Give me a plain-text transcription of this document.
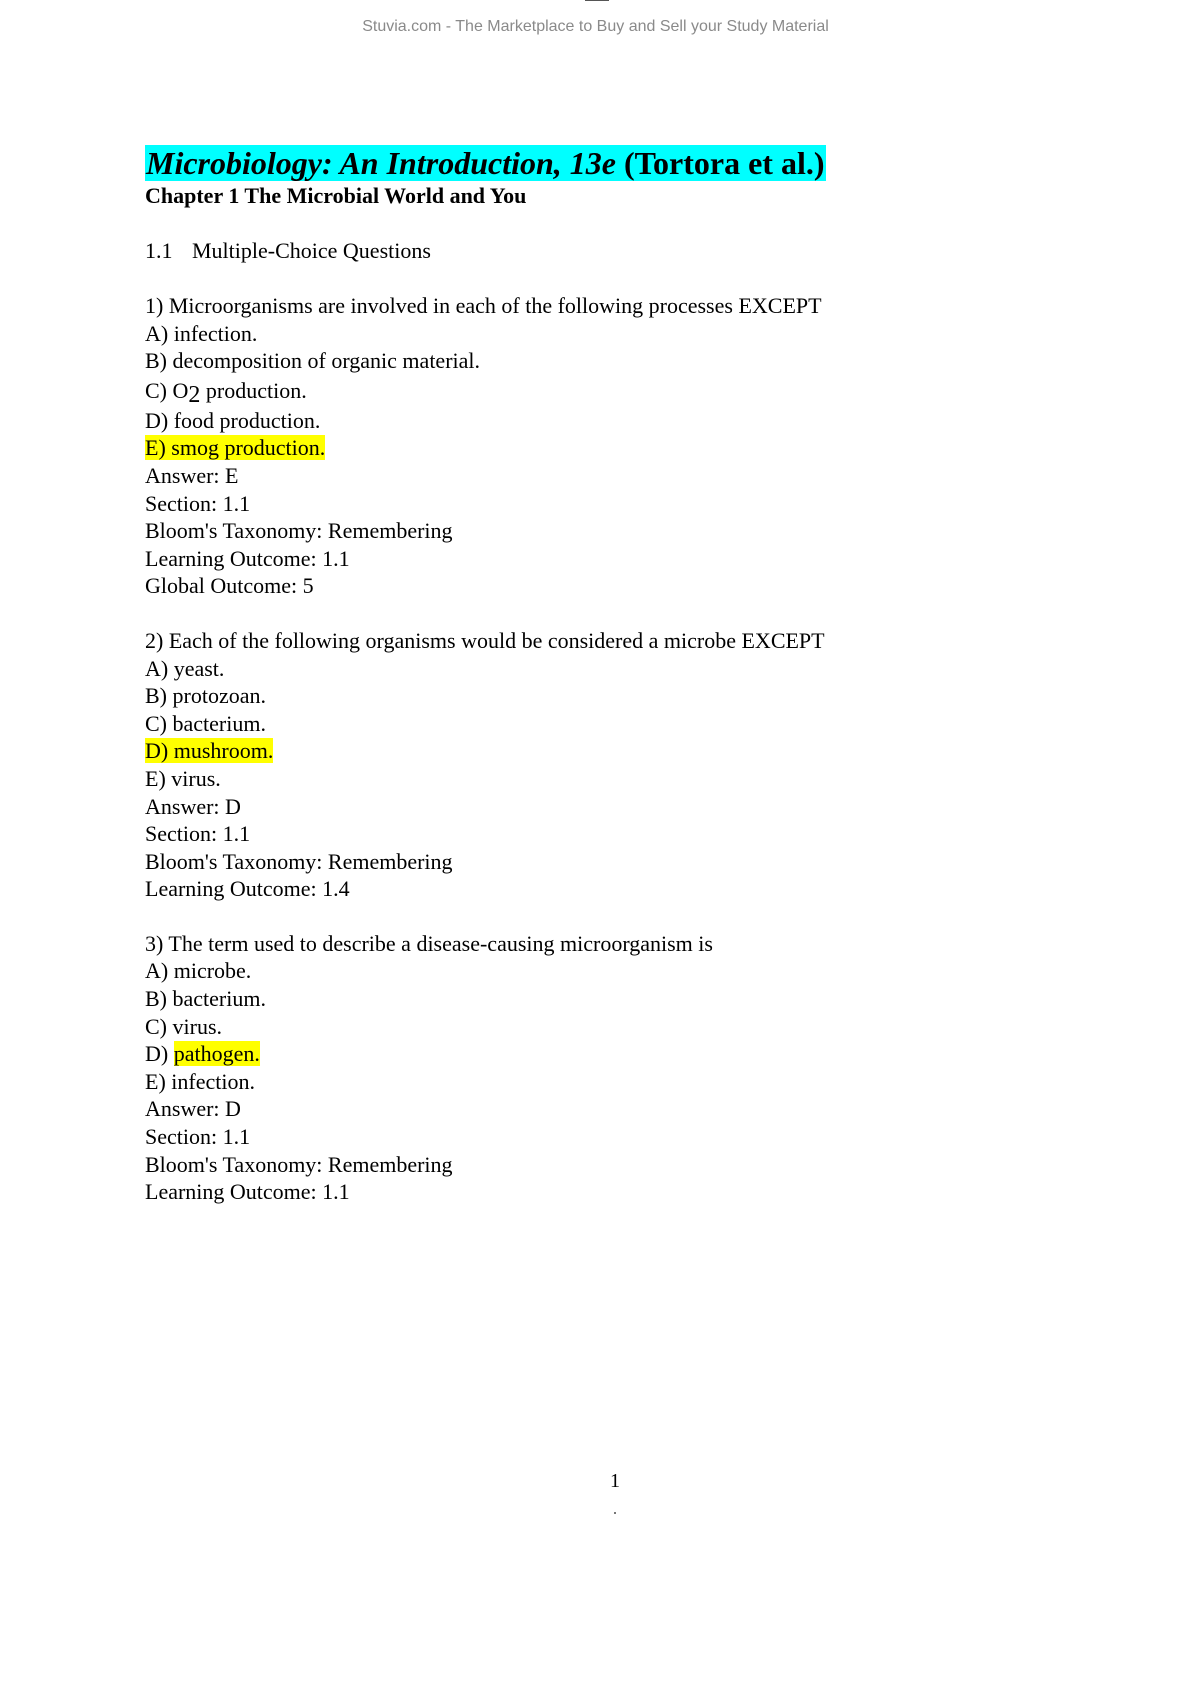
Stuvia.com - The Marketplace to Buy and Sell your Study Material
Microbiology: An Introduction, 13e (Tortora et al.)
Chapter 1 The Microbial World and You
1.1 Multiple-Choice Questions
1) Microorganisms are involved in each of the following processes EXCEPT
A) infection.
B) decomposition of organic material.
C) O2 production.
D) food production.
E) smog production.
Answer: E
Section: 1.1
Bloom's Taxonomy: Remembering
Learning Outcome: 1.1
Global Outcome: 5
2) Each of the following organisms would be considered a microbe EXCEPT
A) yeast.
B) protozoan.
C) bacterium.
D) mushroom.
E) virus.
Answer: D
Section: 1.1
Bloom's Taxonomy: Remembering
Learning Outcome: 1.4
3) The term used to describe a disease-causing microorganism is
A) microbe.
B) bacterium.
C) virus.
D) pathogen.
E) infection.
Answer: D
Section: 1.1
Bloom's Taxonomy: Remembering
Learning Outcome: 1.1
1
